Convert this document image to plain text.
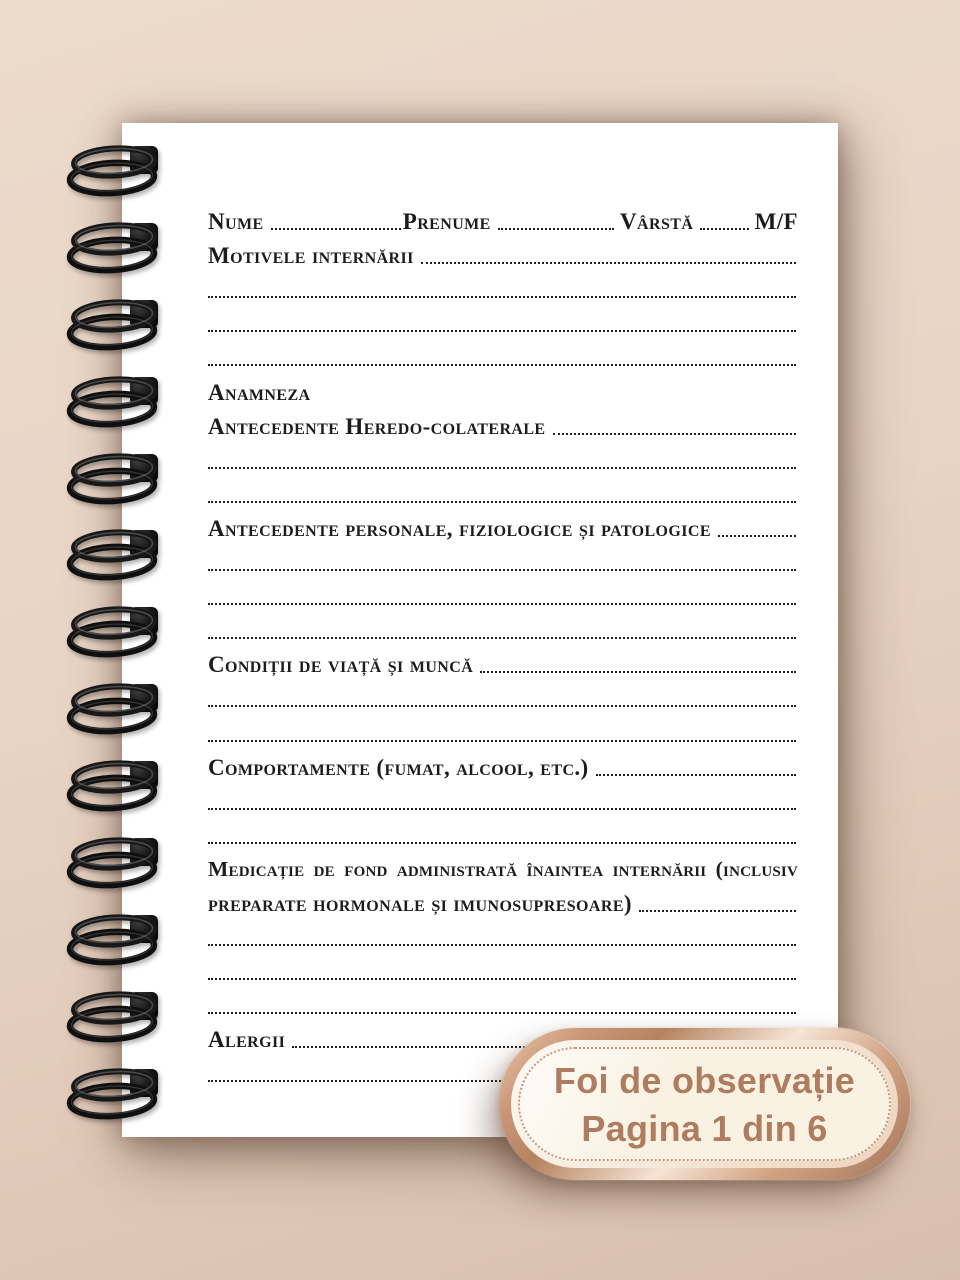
Nume	Prenume	Vârstă	M/F
Motivele internării
Anamneza
Antecedente Heredo-colaterale
Antecedente personale, fiziologice și patologice
Condiții de viață și muncă
Comportamente (fumat, alcool, etc.)
Medicație de fond administrată înaintea internării (inclusiv
preparate hormonale și imunosupresoare)
Alergii
Foi de observație
Pagina 1 din 6
